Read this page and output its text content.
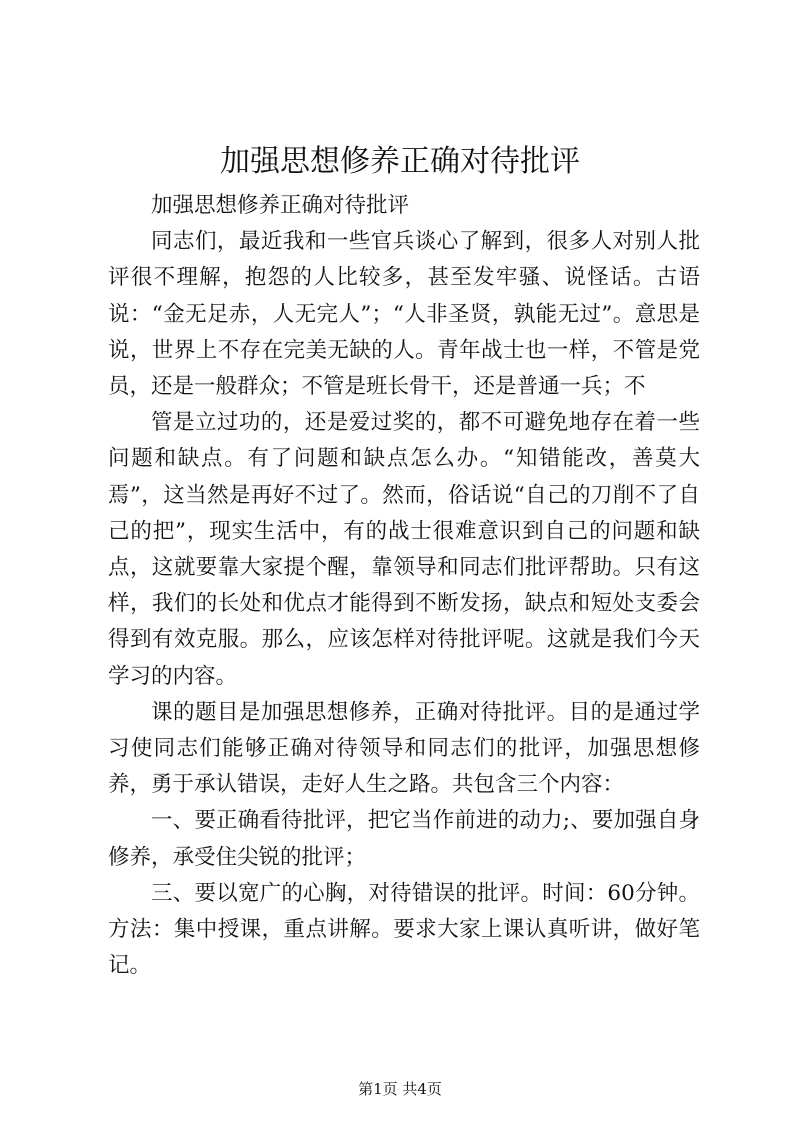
加强思想修养正确对待批评

加强思想修养正确对待批评

同志们，最近我和一些官兵谈心了解到，很多人对别人批评很不理解，抱怨的人比较多，甚至发牢骚、说怪话。古语说：“金无足赤，人无完人”；“人非圣贤，孰能无过”。意思是说，世界上不存在完美无缺的人。青年战士也一样，不管是党员，还是一般群众；不管是班长骨干，还是普通一兵；不

管是立过功的，还是爱过奖的，都不可避免地存在着一些问题和缺点。有了问题和缺点怎么办。“知错能改，善莫大焉”，这当然是再好不过了。然而，俗话说“自己的刀削不了自己的把”，现实生活中，有的战士很难意识到自己的问题和缺点，这就要靠大家提个醒，靠领导和同志们批评帮助。只有这样，我们的长处和优点才能得到不断发扬，缺点和短处支委会得到有效克服。那么，应该怎样对待批评呢。这就是我们今天学习的内容。

课的题目是加强思想修养，正确对待批评。目的是通过学习使同志们能够正确对待领导和同志们的批评，加强思想修养，勇于承认错误，走好人生之路。共包含三个内容：

一、要正确看待批评，把它当作前进的动力;、要加强自身修养，承受住尖锐的批评；

三、要以宽广的心胸，对待错误的批评。时间：60分钟。方法：集中授课，重点讲解。要求大家上课认真听讲，做好笔记。

第1页 共4页
